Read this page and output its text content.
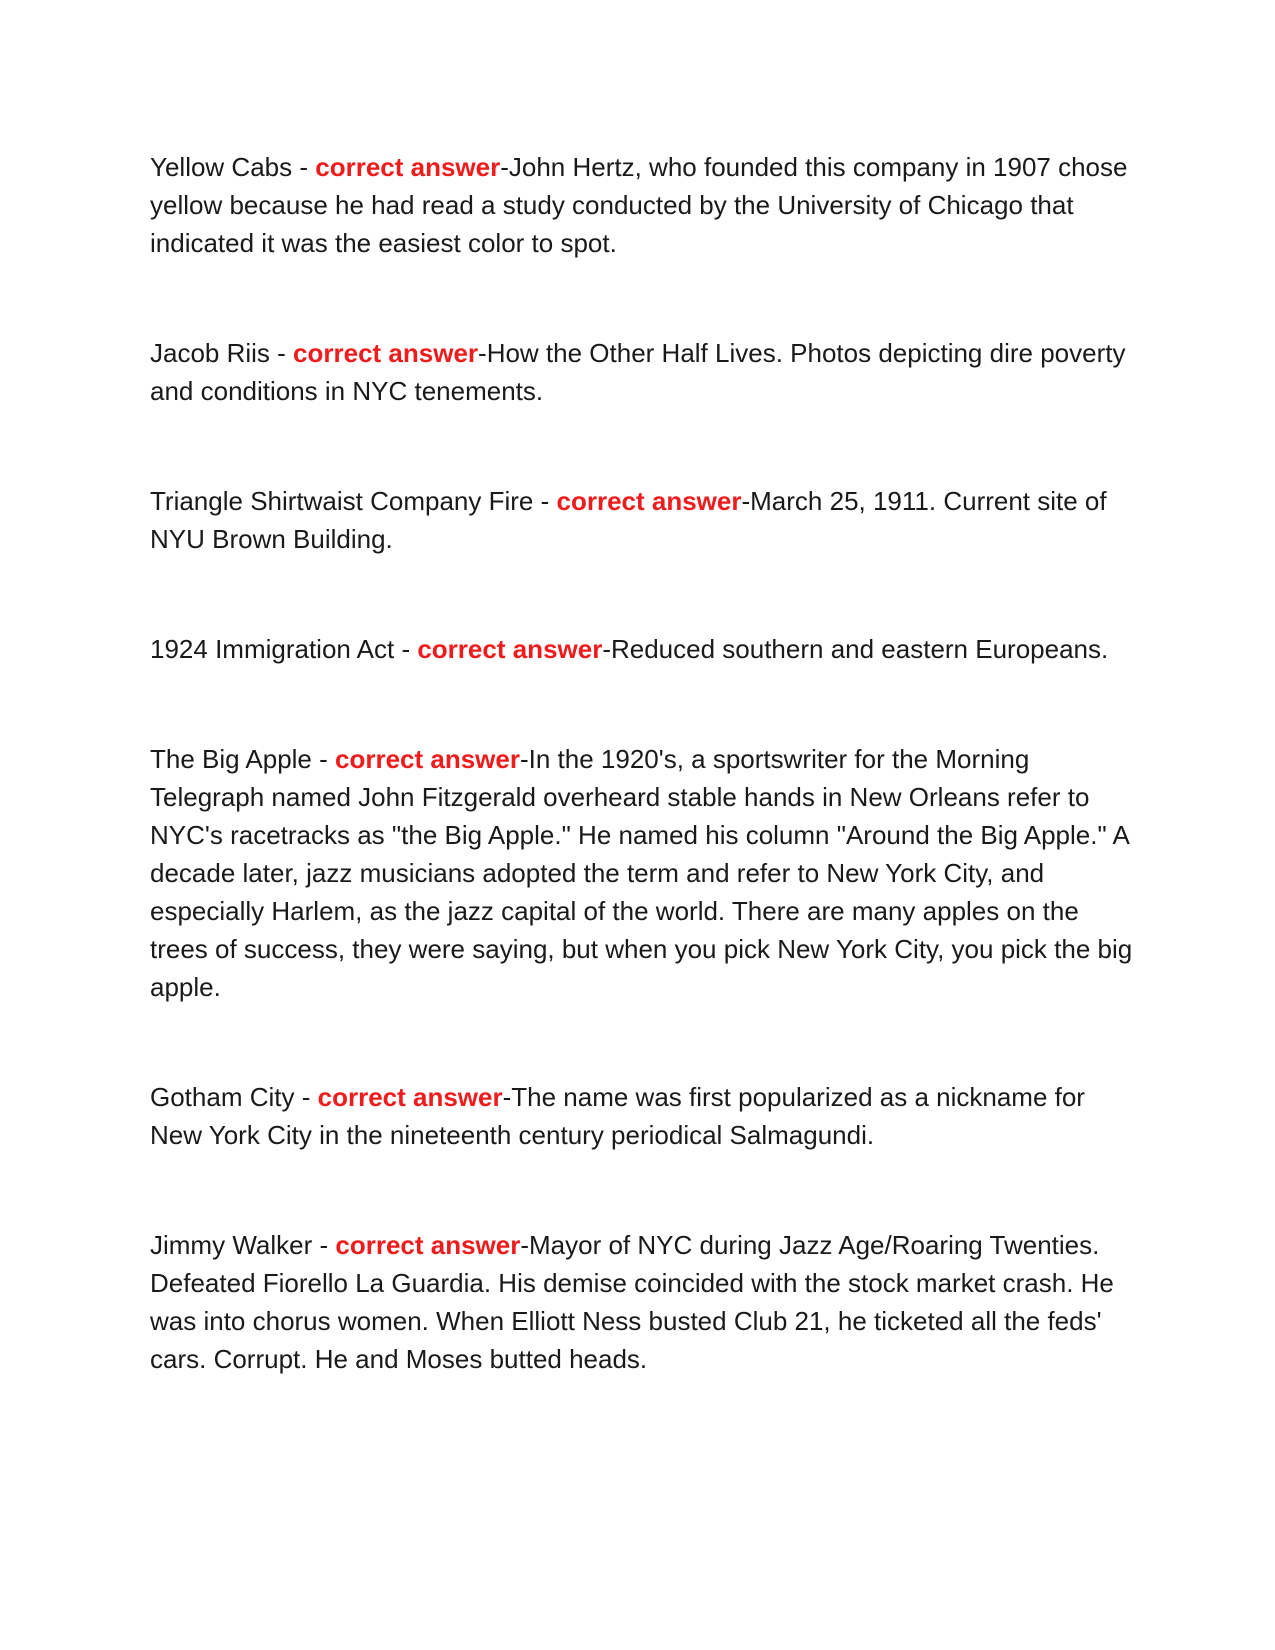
Yellow Cabs - correct answer-John Hertz, who founded this company in 1907 chose yellow because he had read a study conducted by the University of Chicago that indicated it was the easiest color to spot.

Jacob Riis - correct answer-How the Other Half Lives. Photos depicting dire poverty and conditions in NYC tenements.

Triangle Shirtwaist Company Fire - correct answer-March 25, 1911. Current site of NYU Brown Building.

1924 Immigration Act - correct answer-Reduced southern and eastern Europeans.

The Big Apple - correct answer-In the 1920's, a sportswriter for the Morning Telegraph named John Fitzgerald overheard stable hands in New Orleans refer to NYC's racetracks as "the Big Apple." He named his column "Around the Big Apple." A decade later, jazz musicians adopted the term and refer to New York City, and especially Harlem, as the jazz capital of the world. There are many apples on the trees of success, they were saying, but when you pick New York City, you pick the big apple.

Gotham City - correct answer-The name was first popularized as a nickname for New York City in the nineteenth century periodical Salmagundi.

Jimmy Walker - correct answer-Mayor of NYC during Jazz Age/Roaring Twenties. Defeated Fiorello La Guardia. His demise coincided with the stock market crash. He was into chorus women. When Elliott Ness busted Club 21, he ticketed all the feds' cars. Corrupt. He and Moses butted heads.
